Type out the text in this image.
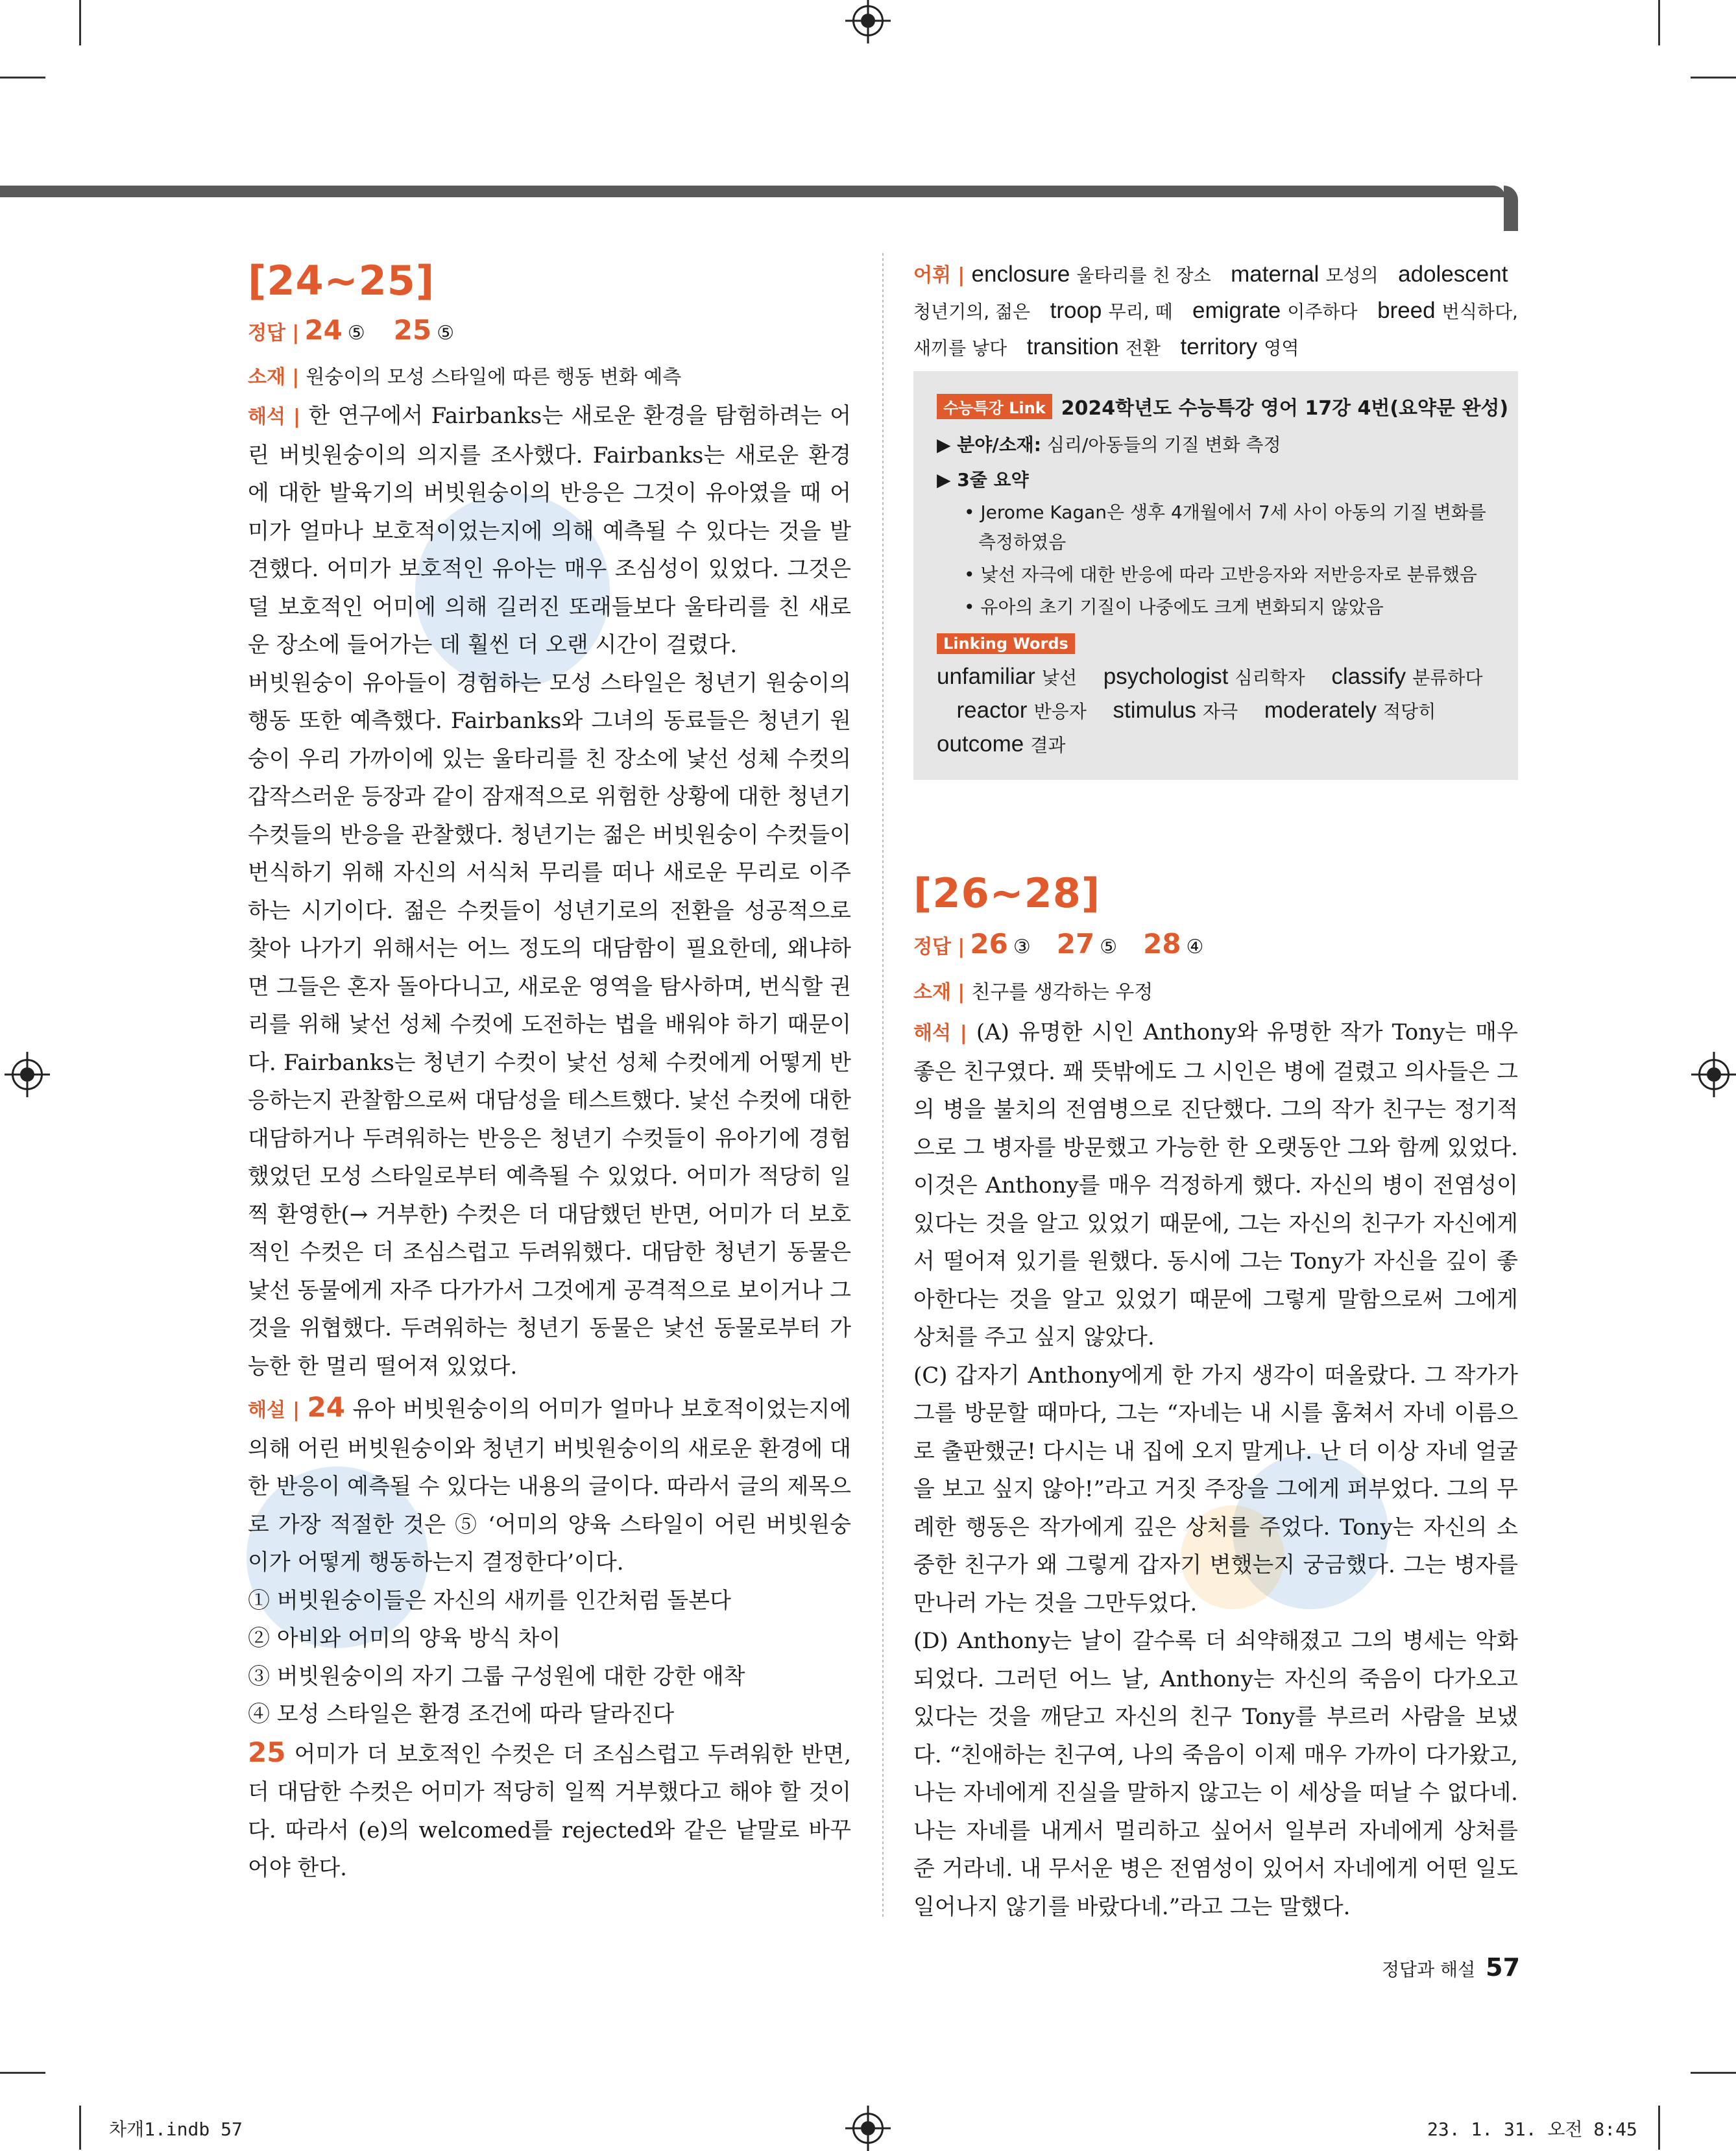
[24~25]
정답 | 24 ⑤ 25 ⑤
소재 | 원숭이의 모성 스타일에 따른 행동 변화 예측

해석 | 한 연구에서 Fairbanks는 새로운 환경을 탐험하려는 어린 버빗원숭이의 의지를 조사했다. Fairbanks는 새로운 환경에 대한 발육기의 버빗원숭이의 반응은 그것이 유아였을 때 어미가 얼마나 보호적이었는지에 의해 예측될 수 있다는 것을 발견했다. 어미가 보호적인 유아는 매우 조심성이 있었다. 그것은 덜 보호적인 어미에 의해 길러진 또래들보다 울타리를 친 새로운 장소에 들어가는 데 훨씬 더 오랜 시간이 걸렸다.

버빗원숭이 유아들이 경험하는 모성 스타일은 청년기 원숭이의 행동 또한 예측했다. Fairbanks와 그녀의 동료들은 청년기 원숭이 우리 가까이에 있는 울타리를 친 장소에 낯선 성체 수컷의 갑작스러운 등장과 같이 잠재적으로 위험한 상황에 대한 청년기 수컷들의 반응을 관찰했다. 청년기는 젊은 버빗원숭이 수컷들이 번식하기 위해 자신의 서식처 무리를 떠나 새로운 무리로 이주하는 시기이다. 젊은 수컷들이 성년기로의 전환을 성공적으로 찾아 나가기 위해서는 어느 정도의 대담함이 필요한데, 왜냐하면 그들은 혼자 돌아다니고, 새로운 영역을 탐사하며, 번식할 권리를 위해 낯선 성체 수컷에 도전하는 법을 배워야 하기 때문이다. Fairbanks는 청년기 수컷이 낯선 성체 수컷에게 어떻게 반응하는지 관찰함으로써 대담성을 테스트했다. 낯선 수컷에 대한 대담하거나 두려워하는 반응은 청년기 수컷들이 유아기에 경험했었던 모성 스타일로부터 예측될 수 있었다. 어미가 적당히 일찍 환영한(→ 거부한) 수컷은 더 대담했던 반면, 어미가 더 보호적인 수컷은 더 조심스럽고 두려워했다. 대담한 청년기 동물은 낯선 동물에게 자주 다가가서 그것에게 공격적으로 보이거나 그것을 위협했다. 두려워하는 청년기 동물은 낯선 동물로부터 가능한 한 멀리 떨어져 있었다.

해설 | 24 유아 버빗원숭이의 어미가 얼마나 보호적이었는지에 의해 어린 버빗원숭이와 청년기 버빗원숭이의 새로운 환경에 대한 반응이 예측될 수 있다는 내용의 글이다. 따라서 글의 제목으로 가장 적절한 것은 ⑤ ‘어미의 양육 스타일이 어린 버빗원숭이가 어떻게 행동하는지 결정한다’이다.

① 버빗원숭이들은 자신의 새끼를 인간처럼 돌본다

② 아비와 어미의 양육 방식 차이

③ 버빗원숭이의 자기 그룹 구성원에 대한 강한 애착

④ 모성 스타일은 환경 조건에 따라 달라진다

25 어미가 더 보호적인 수컷은 더 조심스럽고 두려워한 반면, 더 대담한 수컷은 어미가 적당히 일찍 거부했다고 해야 할 것이다. 따라서 (e)의 welcomed를 rejected와 같은 낱말로 바꾸어야 한다.

어휘 | enclosure 울타리를 친 장소 maternal 모성의 adolescent 청년기의, 젊은 troop 무리, 떼 emigrate 이주하다 breed 번식하다, 새끼를 낳다 transition 전환 territory 영역
수능특강 Link 2024학년도 수능특강 영어 17강 4번(요약문 완성)
▶ 분야/소재: 심리/아동들의 기질 변화 측정
▶ 3줄 요약
• Jerome Kagan은 생후 4개월에서 7세 사이 아동의 기질 변화를
측정하였음
• 낯선 자극에 대한 반응에 따라 고반응자와 저반응자로 분류했음
• 유아의 초기 기질이 나중에도 크게 변화되지 않았음
Linking Words
unfamiliar 낯선 psychologist 심리학자 classify 분류하다    reactor 반응자 stimulus 자극 moderately 적당히    outcome 결과
[26~28]
정답 | 26 ③ 27 ⑤ 28 ④
소재 | 친구를 생각하는 우정

해석 | (A) 유명한 시인 Anthony와 유명한 작가 Tony는 매우 좋은 친구였다. 꽤 뜻밖에도 그 시인은 병에 걸렸고 의사들은 그의 병을 불치의 전염병으로 진단했다. 그의 작가 친구는 정기적으로 그 병자를 방문했고 가능한 한 오랫동안 그와 함께 있었다. 이것은 Anthony를 매우 걱정하게 했다. 자신의 병이 전염성이 있다는 것을 알고 있었기 때문에, 그는 자신의 친구가 자신에게서 떨어져 있기를 원했다. 동시에 그는 Tony가 자신을 깊이 좋아한다는 것을 알고 있었기 때문에 그렇게 말함으로써 그에게 상처를 주고 싶지 않았다.

(C) 갑자기 Anthony에게 한 가지 생각이 떠올랐다. 그 작가가 그를 방문할 때마다, 그는 “자네는 내 시를 훔쳐서 자네 이름으로 출판했군! 다시는 내 집에 오지 말게나. 난 더 이상 자네 얼굴을 보고 싶지 않아!”라고 거짓 주장을 그에게 퍼부었다. 그의 무례한 행동은 작가에게 깊은 상처를 주었다. Tony는 자신의 소중한 친구가 왜 그렇게 갑자기 변했는지 궁금했다. 그는 병자를 만나러 가는 것을 그만두었다.

(D) Anthony는 날이 갈수록 더 쇠약해졌고 그의 병세는 악화되었다. 그러던 어느 날, Anthony는 자신의 죽음이 다가오고 있다는 것을 깨닫고 자신의 친구 Tony를 부르러 사람을 보냈다. “친애하는 친구여, 나의 죽음이 이제 매우 가까이 다가왔고, 나는 자네에게 진실을 말하지 않고는 이 세상을 떠날 수 없다네. 나는 자네를 내게서 멀리하고 싶어서 일부러 자네에게 상처를 준 거라네. 내 무서운 병은 전염성이 있어서 자네에게 어떤 일도 일어나지 않기를 바랐다네.”라고 그는 말했다.

정답과 해설 57
차개1.indb 57	23. 1. 31. 오전 8:45
